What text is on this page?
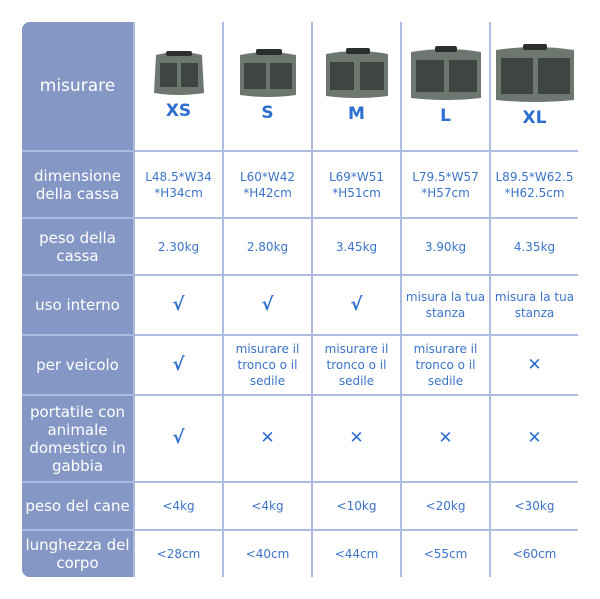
misurare	XS	S	M	L	XL

dimensione della cassa	L48.5*W34 *H34cm	L60*W42 *H42cm	L69*W51 *H51cm	L79.5*W57 *H57cm	L89.5*W62.5 *H62.5cm
peso della cassa	2.30kg	2.80kg	3.45kg	3.90kg	4.35kg
uso interno	√	√	√	misura la tua stanza	misura la tua stanza
per veicolo	√	misurare il tronco o il sedile	misurare il tronco o il sedile	misurare il tronco o il sedile	✕
portatile con animale domestico in gabbia	√	✕	✕	✕	✕
peso del cane	<4kg	<4kg	<10kg	<20kg	<30kg
lunghezza del corpo	<28cm	<40cm	<44cm	<55cm	<60cm
